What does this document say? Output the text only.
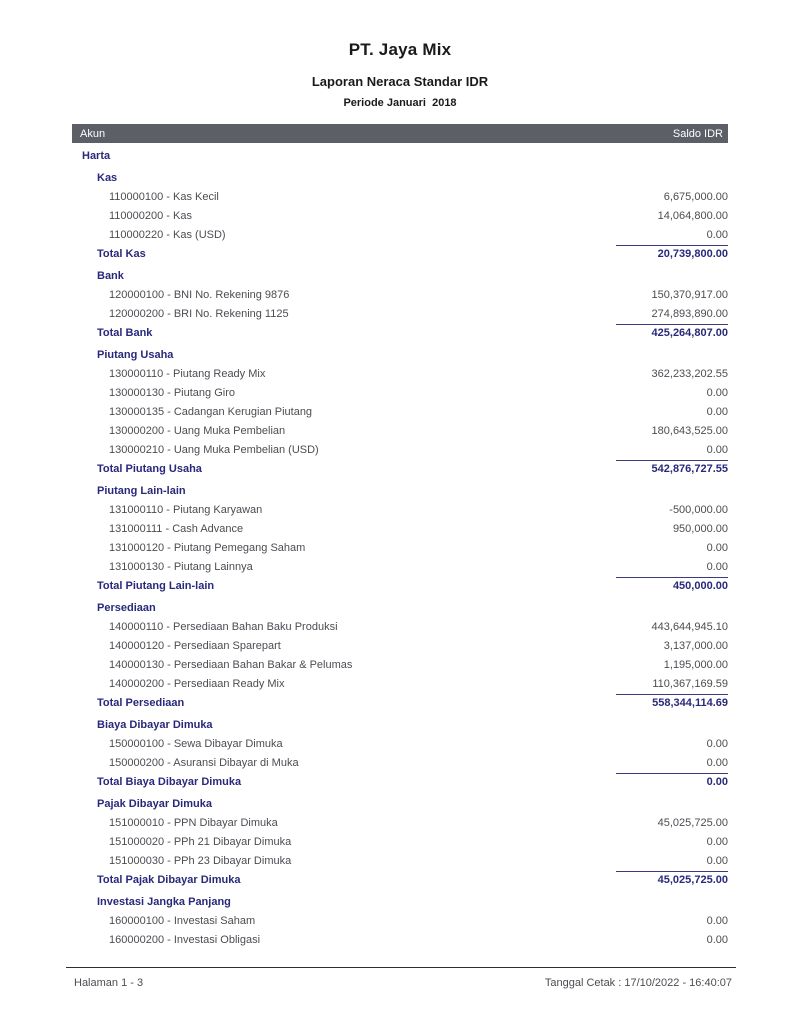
PT. Jaya Mix
Laporan Neraca Standar IDR
Periode Januari  2018
Akun	Saldo IDR
Harta
Kas
110000100 - Kas Kecil	6,675,000.00
110000200 - Kas	14,064,800.00
110000220 - Kas (USD)	0.00
Total Kas	20,739,800.00
Bank
120000100 - BNI No. Rekening 9876	150,370,917.00
120000200 - BRI No. Rekening 1125	274,893,890.00
Total Bank	425,264,807.00
Piutang Usaha
130000110 - Piutang Ready Mix	362,233,202.55
130000130 - Piutang Giro	0.00
130000135 - Cadangan Kerugian Piutang	0.00
130000200 - Uang Muka Pembelian	180,643,525.00
130000210 - Uang Muka Pembelian (USD)	0.00
Total Piutang Usaha	542,876,727.55
Piutang Lain-lain
131000110 - Piutang Karyawan	-500,000.00
131000111 - Cash Advance	950,000.00
131000120 - Piutang Pemegang Saham	0.00
131000130 - Piutang Lainnya	0.00
Total Piutang Lain-lain	450,000.00
Persediaan
140000110 - Persediaan Bahan Baku Produksi	443,644,945.10
140000120 - Persediaan Sparepart	3,137,000.00
140000130 - Persediaan Bahan Bakar & Pelumas	1,195,000.00
140000200 - Persediaan Ready Mix	110,367,169.59
Total Persediaan	558,344,114.69
Biaya Dibayar Dimuka
150000100 - Sewa Dibayar Dimuka	0.00
150000200 - Asuransi Dibayar di Muka	0.00
Total Biaya Dibayar Dimuka	0.00
Pajak Dibayar Dimuka
151000010 - PPN Dibayar Dimuka	45,025,725.00
151000020 - PPh 21 Dibayar Dimuka	0.00
151000030 - PPh 23 Dibayar Dimuka	0.00
Total Pajak Dibayar Dimuka	45,025,725.00
Investasi Jangka Panjang
160000100 - Investasi Saham	0.00
160000200 - Investasi Obligasi	0.00
Halaman 1 - 3	Tanggal Cetak : 17/10/2022 - 16:40:07
